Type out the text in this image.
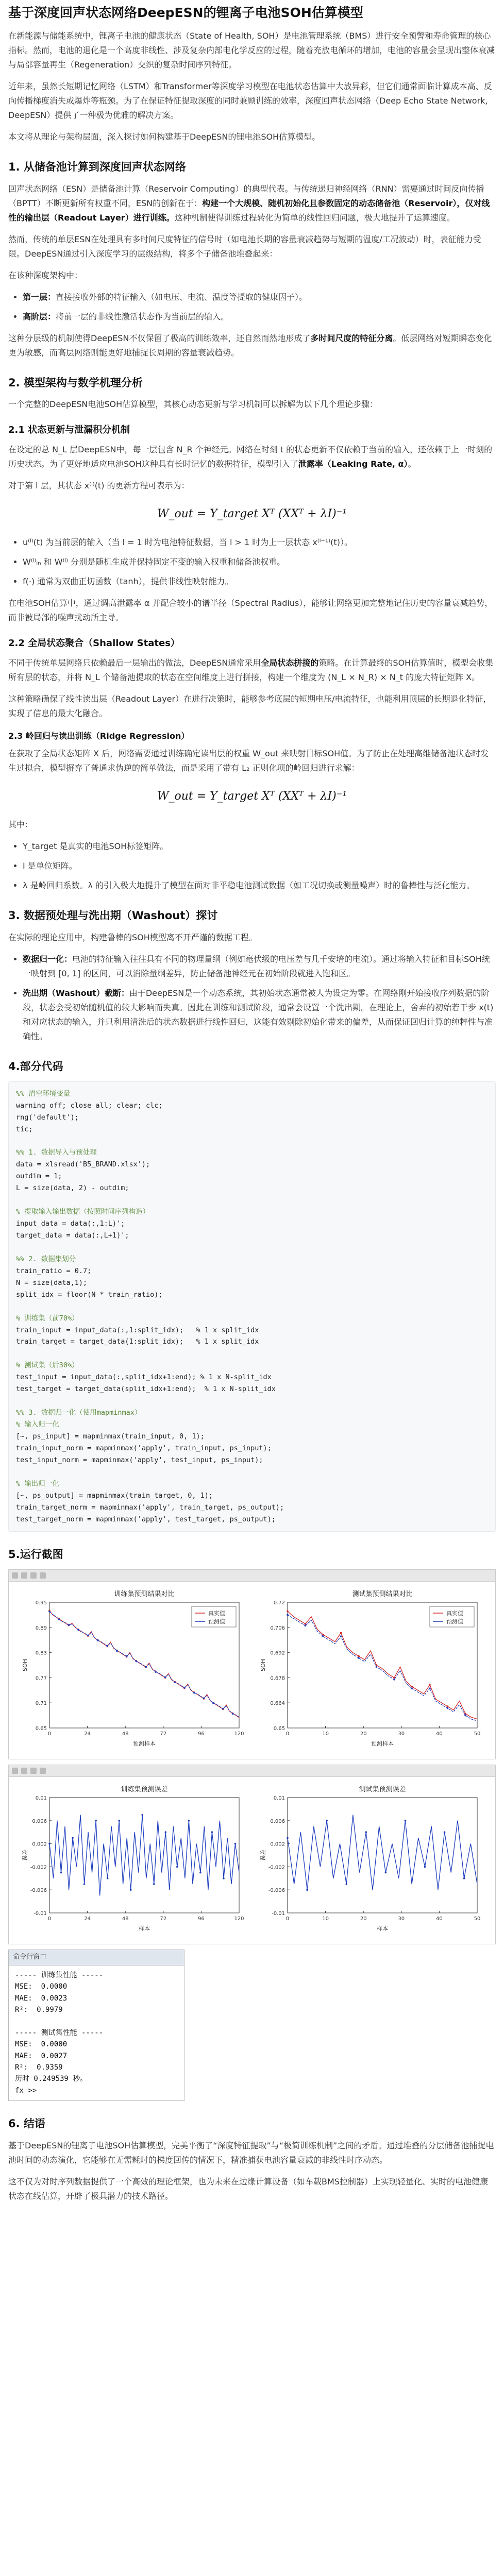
基于深度回声状态网络DeepESN的锂离子电池SOH估算模型

在新能源与储能系统中，锂离子电池的健康状态（State of Health, SOH）是电池管理系统（BMS）进行安全预警和寿命管理的核心指标。然而，电池的退化是一个高度非线性、涉及复杂内部电化学反应的过程，随着充放电循环的增加，电池的容量会呈现出整体衰减与局部容量再生（Regeneration）交织的复杂时间序列特征。

近年来，虽然长短期记忆网络（LSTM）和Transformer等深度学习模型在电池状态估算中大放异彩，但它们通常面临计算成本高、反向传播梯度消失或爆炸等瓶颈。为了在保证特征提取深度的同时兼顾训练的效率，深度回声状态网络（Deep Echo State Network, DeepESN）提供了一种极为优雅的解决方案。

本文将从理论与架构层面，深入探讨如何构建基于DeepESN的锂电池SOH估算模型。

1. 从储备池计算到深度回声状态网络

回声状态网络（ESN）是储备池计算（Reservoir Computing）的典型代表。与传统递归神经网络（RNN）需要通过时间反向传播（BPTT）不断更新所有权重不同，ESN的创新在于：构建一个大规模、随机初始化且参数固定的动态储备池（Reservoir），仅对线性的输出层（Readout Layer）进行训练。这种机制使得训练过程转化为简单的线性回归问题，极大地提升了运算速度。

然而，传统的单层ESN在处理具有多时间尺度特征的信号时（如电池长期的容量衰减趋势与短期的温度/工况波动）时，表征能力受限。DeepESN通过引入深度学习的层级结构，将多个子储备池堆叠起来：

在该种深度架构中：

• 第一层：直接接收外部的特征输入（如电压、电流、温度等提取的健康因子）。
• 高阶层：将前一层的非线性激活状态作为当前层的输入。

这种分层级的机制使得DeepESN不仅保留了极高的训练效率，还自然而然地形成了多时间尺度的特征分离。低层网络对短期瞬态变化更为敏感，而高层网络则能更好地捕捉长周期的容量衰减趋势。

2. 模型架构与数学机理分析

一个完整的DeepESN电池SOH估算模型，其核心动态更新与学习机制可以拆解为以下几个理论步骤：

2.1 状态更新与泄漏积分机制

在设定的总 N_L 层DeepESN中，每一层包含 N_R 个神经元。网络在时刻 t 的状态更新不仅依赖于当前的输入，还依赖于上一时刻的历史状态。为了更好地适应电池SOH这种具有长时记忆的数据特征，模型引入了泄露率（Leaking Rate, α）。

对于第 l 层，其状态 x⁽ˡ⁾(t) 的更新方程可表示为：

W_out = Y_target Xᵀ (XXᵀ + λI)⁻¹
• u⁽ˡ⁾(t) 为当前层的输入（当 l = 1 时为电池特征数据，当 l > 1 时为上一层状态 x⁽ˡ⁻¹⁾(t)）。
• W⁽ˡ⁾ᵢₙ 和 W⁽ˡ⁾ 分别是随机生成并保持固定不变的输入权重和储备池权重。
• f(·) 通常为双曲正切函数（tanh），提供非线性映射能力。

在电池SOH估算中，通过调高泄露率 α 并配合较小的谱半径（Spectral Radius），能够让网络更加完整地记住历史的容量衰减趋势，而非被局部的噪声扰动所主导。

2.2 全局状态聚合（Shallow States）

不同于传统单层网络只依赖最后一层输出的做法，DeepESN通常采用全局状态拼接的策略。在计算最终的SOH估算值时，模型会收集所有层的状态，并将 N_L 个储备池提取的状态在空间维度上进行拼接，构建一个维度为 (N_L × N_R) × N_t 的庞大特征矩阵 X。

这种策略确保了线性读出层（Readout Layer）在进行决策时，能够参考底层的短期电压/电流特征，也能利用顶层的长期退化特征，实现了信息的最大化融合。

2.3 岭回归与读出训练（Ridge Regression）

在获取了全局状态矩阵 X 后，网络需要通过训练确定读出层的权重 W_out 来映射目标SOH值。为了防止在处理高维储备池状态时发生过拟合，模型摒弃了普通求伪逆的简单做法，而是采用了带有 L₂ 正则化项的岭回归进行求解：

W_out = Y_target Xᵀ (XXᵀ + λI)⁻¹

其中：

• Y_target 是真实的电池SOH标签矩阵。
• I 是单位矩阵。
• λ 是岭回归系数。λ 的引入极大地提升了模型在面对非平稳电池测试数据（如工况切换或测量噪声）时的鲁棒性与泛化能力。
3. 数据预处理与洗出期（Washout）探讨

在实际的理论应用中，构建鲁棒的SOH模型离不开严谨的数据工程。

• 数据归一化：电池的特征输入往往具有不同的物理量纲（例如毫伏级的电压差与几千安培的电流）。通过将输入特征和目标SOH统一映射到 [0, 1] 的区间，可以消除量纲差异，防止储备池神经元在初始阶段就进入饱和区。
• 洗出期（Washout）截断：由于DeepESN是一个动态系统，其初始状态通常被人为设定为零。在网络刚开始接收序列数据的阶段，状态会受初始随机值的较大影响而失真。因此在训练和测试阶段，通常会设置一个洗出期。在理论上，舍弃的初始若干步 x(t) 和对应状态的输入，并只利用清洗后的状态数据进行线性回归，这能有效剔除初始化带来的偏差，从而保证回归计算的纯粹性与准确性。
4.部分代码
%% 清空环境变量
warning off; close all; clear; clc;
rng('default');
tic;

%% 1. 数据导入与预处理
data = xlsread('B5_BRAND.xlsx');
outdim = 1;
L = size(data, 2) - outdim;

% 提取输入输出数据（按照时间序列构造）
input_data = data(:,1:L)';
target_data = data(:,L+1)';

%% 2. 数据集划分
train_ratio = 0.7;
N = size(data,1);
split_idx = floor(N * train_ratio);

% 训练集（前70%）
train_input = input_data(:,1:split_idx);   % 1 x split_idx
train_target = target_data(1:split_idx);   % 1 x split_idx

% 测试集（后30%）
test_input = input_data(:,split_idx+1:end); % 1 x N-split_idx
test_target = target_data(split_idx+1:end);  % 1 x N-split_idx

%% 3. 数据归一化（使用mapminmax）
% 输入归一化
[~, ps_input] = mapminmax(train_input, 0, 1);
train_input_norm = mapminmax('apply', train_input, ps_input);
test_input_norm = mapminmax('apply', test_input, ps_input);

% 输出归一化
[~, ps_output] = mapminmax(train_target, 0, 1);
train_target_norm = mapminmax('apply', train_target, ps_output);
test_target_norm = mapminmax('apply', test_target, ps_output);
5.运行截图
训练集预测结果对比
0.65
0.71
0.77
0.83
0.89
0.95
0	24	48	72	96	120
预测样本
SOH
真实值
预测值
测试集预测结果对比
0.65
0.664
0.678
0.692
0.706
0.72
0	10	20	30	40	50
预测样本
SOH
真实值
预测值
训练集预测误差
-0.01
-0.006
-0.002
0.002
0.006
0.01
0	24	48	72	96	120
样本
误差
测试集预测误差
-0.01
-0.006
-0.002
0.002
0.006
0.01
0	10	20	30	40	50
样本
误差
命令行窗口
----- 训练集性能 -----
MSE:  0.0000
MAE:  0.0023
R²:  0.9979

----- 测试集性能 -----
MSE:  0.0000
MAE:  0.0027
R²:  0.9359
历时 0.249539 秒。
fx >>
6. 结语

基于DeepESN的锂离子电池SOH估算模型，完美平衡了“深度特征提取”与“极简训练机制”之间的矛盾。通过堆叠的分层储备池捕捉电池时间的动态演化，它能够在无需耗时的梯度回传的情况下，精准捕获电池容量衰减的非线性时序动态。

这不仅为对时序列数据提供了一个高效的理论框架，也为未来在边缘计算设备（如车载BMS控制器）上实现轻量化、实时的电池健康状态在线估算，开辟了极具潜力的技术路径。
